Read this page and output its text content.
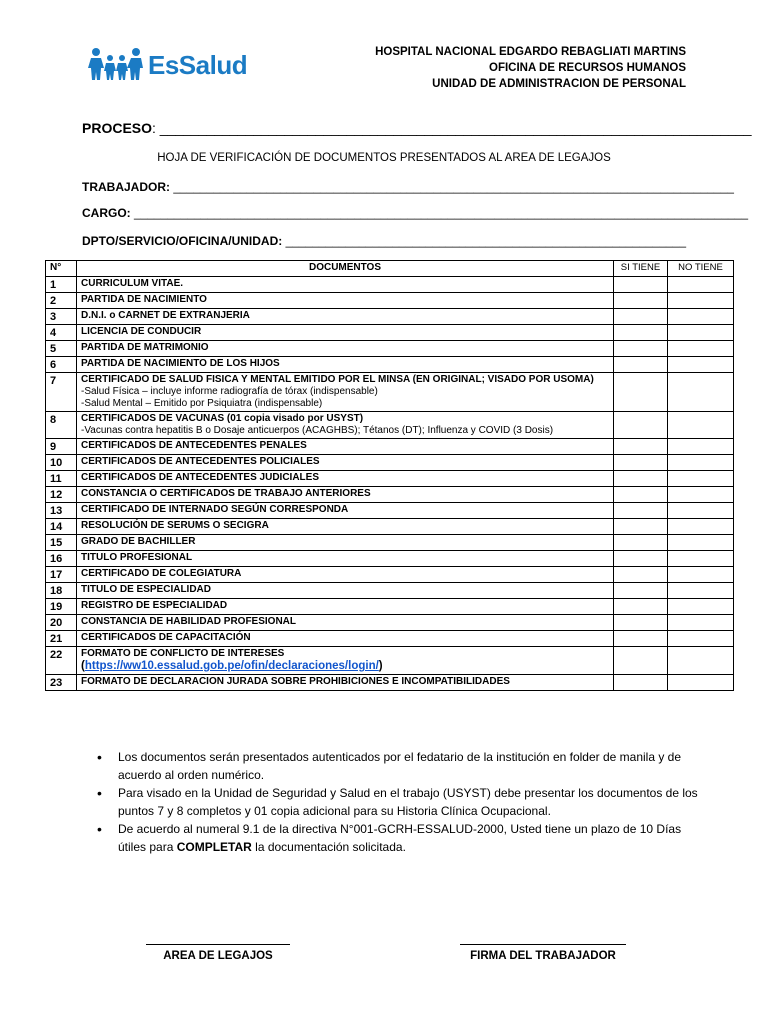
EsSalud	HOSPITAL NACIONAL EDGARDO REBAGLIATI MARTINS
OFICINA DE RECURSOS HUMANOS
UNIDAD DE ADMINISTRACION DE PERSONAL
PROCESO: ____________________________________________________________________________
HOJA DE VERIFICACIÓN DE DOCUMENTOS PRESENTADOS AL AREA DE LEGAJOS
TRABAJADOR: ____________________________________________________________________________________
CARGO: ____________________________________________________________________________________________
DPTO/SERVICIO/OFICINA/UNIDAD: ____________________________________________________________
N°	DOCUMENTOS	SI TIENE	NO TIENE
1	CURRICULUM VITAE.		

2	PARTIDA DE NACIMIENTO		

3	D.N.I. o CARNET DE EXTRANJERIA		

4	LICENCIA DE CONDUCIR		

5	PARTIDA DE MATRIMONIO		

6	PARTIDA DE NACIMIENTO DE LOS HIJOS		

7	CERTIFICADO DE SALUD FISICA Y MENTAL EMITIDO POR EL MINSA (EN ORIGINAL; VISADO POR USOMA)
-Salud Física – incluye informe radiografía de tórax (indispensable)
-Salud Mental – Emitido por Psiquiatra (indispensable)		

8	CERTIFICADOS DE VACUNAS (01 copia visado por USYST)
-Vacunas contra hepatitis B o Dosaje anticuerpos (ACAGHBS); Tétanos (DT); Influenza y COVID (3 Dosis)		

9	CERTIFICADOS DE ANTECEDENTES PENALES		

10	CERTIFICADOS DE ANTECEDENTES POLICIALES		

11	CERTIFICADOS DE ANTECEDENTES JUDICIALES		

12	CONSTANCIA O CERTIFICADOS DE TRABAJO ANTERIORES		

13	CERTIFICADO DE INTERNADO SEGÚN CORRESPONDA		

14	RESOLUCIÓN DE SERUMS O SECIGRA		

15	GRADO DE BACHILLER		

16	TITULO PROFESIONAL		

17	CERTIFICADO DE COLEGIATURA		

18	TITULO DE ESPECIALIDAD		

19	REGISTRO DE ESPECIALIDAD		

20	CONSTANCIA DE HABILIDAD PROFESIONAL		

21	CERTIFICADOS DE CAPACITACIÓN		

22	FORMATO DE CONFLICTO DE INTERESES
(https://ww10.essalud.gob.pe/ofin/declaraciones/login/)		

23	FORMATO DE DECLARACION JURADA SOBRE PROHIBICIONES E INCOMPATIBILIDADES		

• Los documentos serán presentados autenticados por el fedatario de la institución en folder de manila y de acuerdo al orden numérico.
• Para visado en la Unidad de Seguridad y Salud en el trabajo (USYST) debe presentar los documentos de los puntos 7 y 8 completos y 01 copia adicional para su Historia Clínica Ocupacional.
• De acuerdo al numeral 9.1 de la directiva N°001-GCRH-ESSALUD-2000, Usted tiene un plazo de 10 Días útiles para COMPLETAR la documentación solicitada.
AREA DE LEGAJOS	FIRMA DEL TRABAJADOR
